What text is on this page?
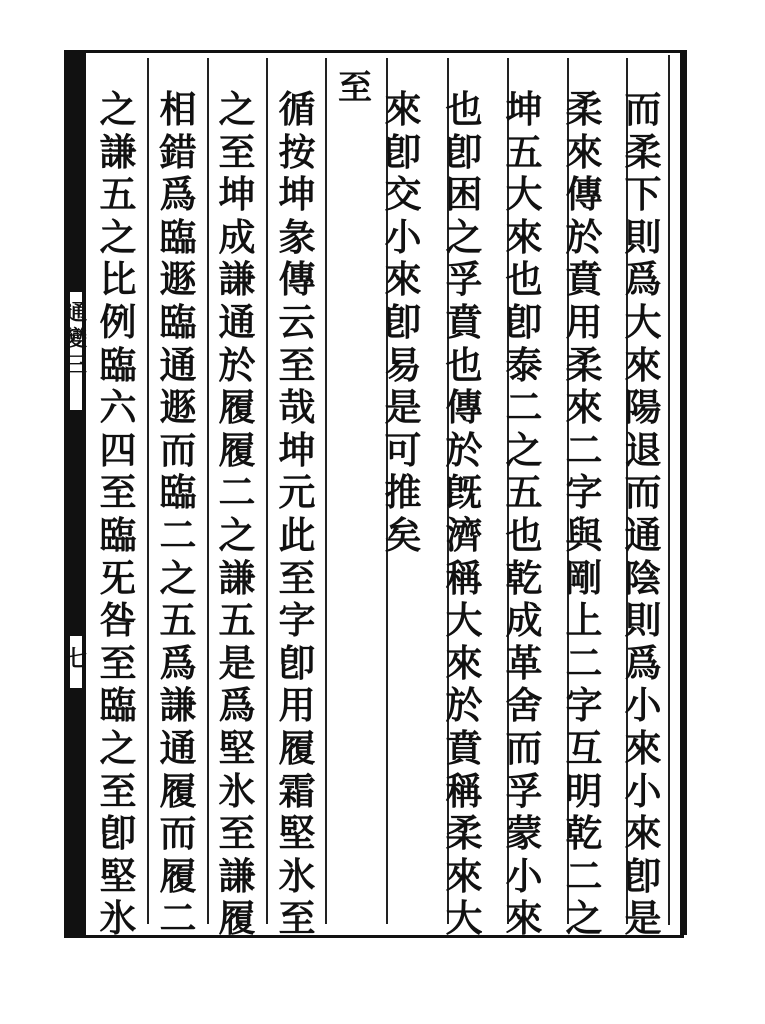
通
變
三
七
至	而
柔
下
則
爲
大
來
陽
退
而
通
陰
則
爲
小
來
小
來
卽
是
柔
來
傳
於
賁
用
柔
來
二
字
與
剛
上
二
字
互
明
乾
二
之
坤
五
大
來
也
卽
泰
二
之
五
也
乾
成
革
舍
而
孚
蒙
小
來
也
卽
困
之
孚
賁
也
傳
於
旣
濟
稱
大
來
於
賁
稱
柔
來
大
來
卽
交
小
來
卽
易
是
可
推
矣
循
按
坤
彖
傳
云
至
哉
坤
元
此
至
字
卽
用
履
霜
堅
氷
至
之
至
坤
成
謙
通
於
履
履
二
之
謙
五
是
爲
堅
氷
至
謙
履
相
錯
爲
臨
遯
臨
通
遯
而
臨
二
之
五
爲
謙
通
履
而
履
二
之
謙
五
之
比
例
臨
六
四
至
臨
旡
咎
至
臨
之
至
卽
堅
氷
